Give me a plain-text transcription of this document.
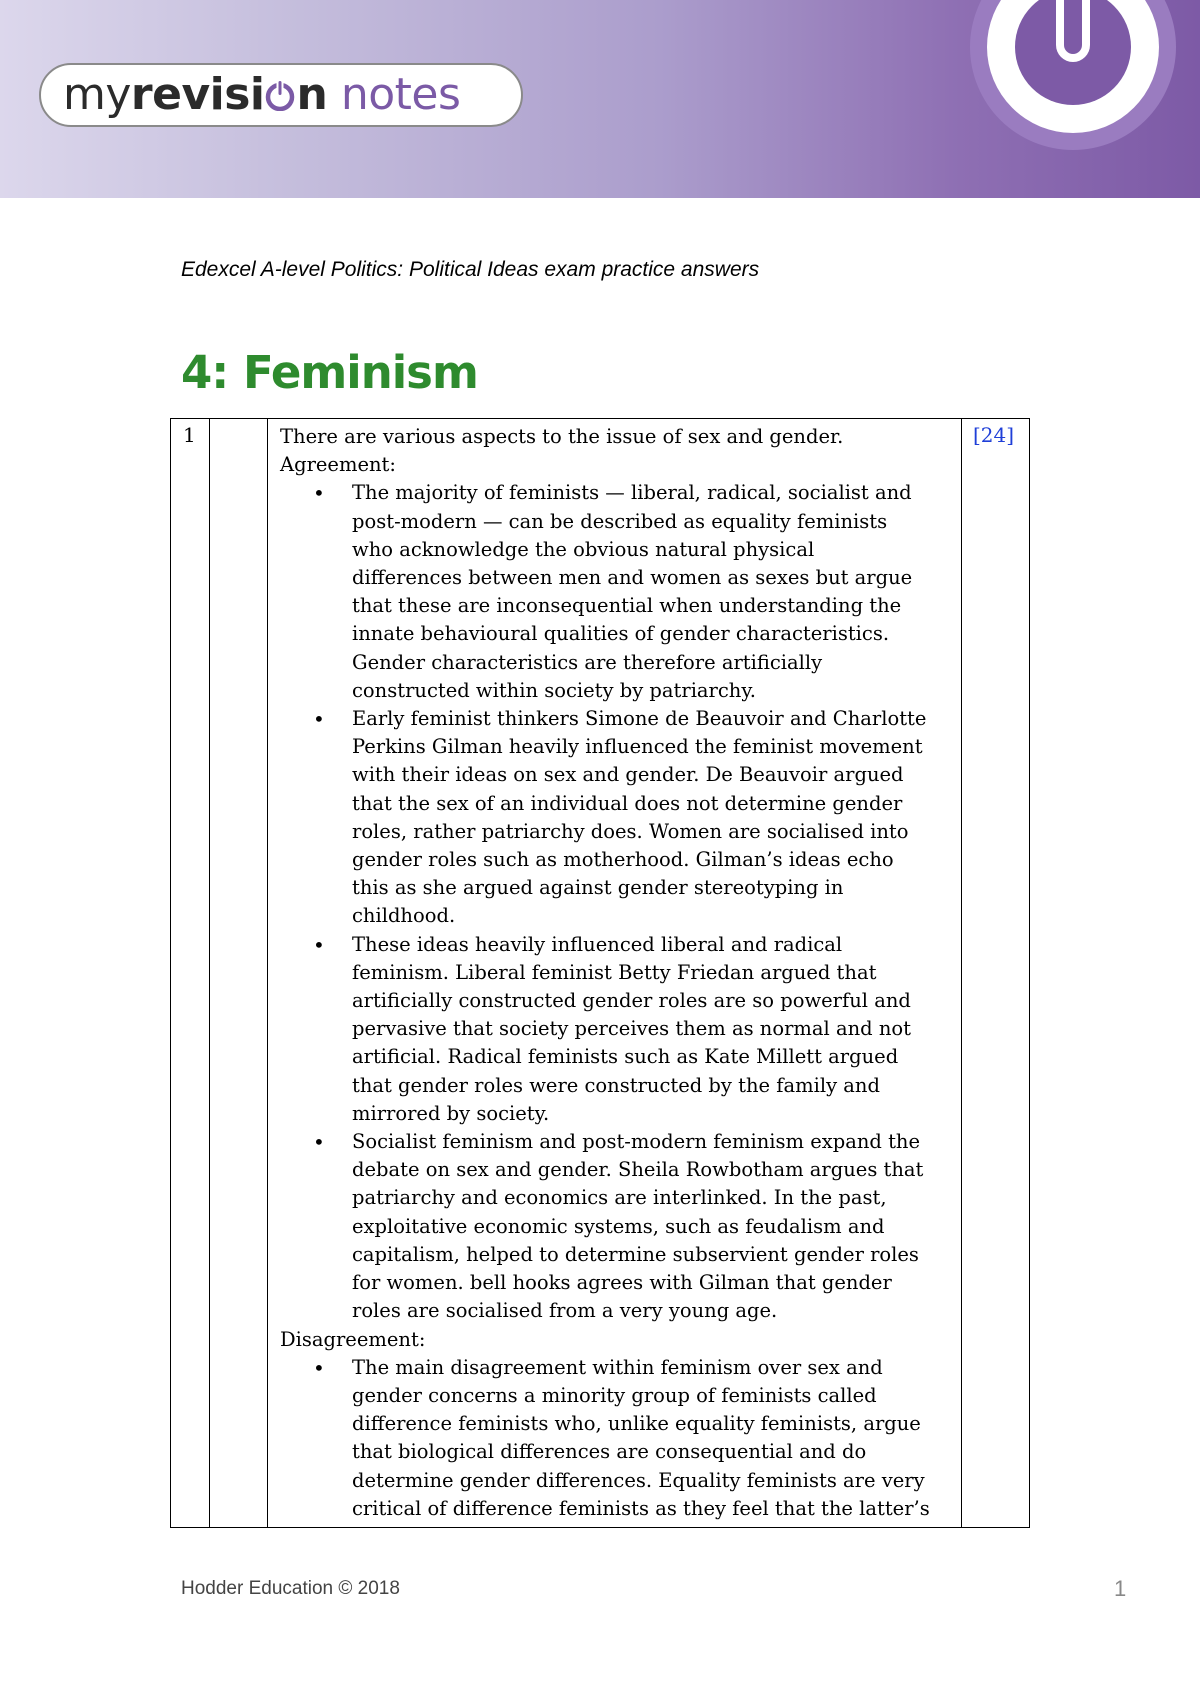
myrevisi n notes
Edexcel A-level Politics: Political Ideas exam practice answers
4: Feminism
1	[24]

There are various aspects to the issue of sex and gender.

Agreement:

• The majority of feminists — liberal, radical, socialist and
post-modern — can be described as equality feminists
who acknowledge the obvious natural physical
differences between men and women as sexes but argue
that these are inconsequential when understanding the
innate behavioural qualities of gender characteristics.
Gender characteristics are therefore artificially
constructed within society by patriarchy.
• Early feminist thinkers Simone de Beauvoir and Charlotte
Perkins Gilman heavily influenced the feminist movement
with their ideas on sex and gender. De Beauvoir argued
that the sex of an individual does not determine gender
roles, rather patriarchy does. Women are socialised into
gender roles such as motherhood. Gilman’s ideas echo
this as she argued against gender stereotyping in
childhood.
• These ideas heavily influenced liberal and radical
feminism. Liberal feminist Betty Friedan argued that
artificially constructed gender roles are so powerful and
pervasive that society perceives them as normal and not
artificial. Radical feminists such as Kate Millett argued
that gender roles were constructed by the family and
mirrored by society.
• Socialist feminism and post-modern feminism expand the
debate on sex and gender. Sheila Rowbotham argues that
patriarchy and economics are interlinked. In the past,
exploitative economic systems, such as feudalism and
capitalism, helped to determine subservient gender roles
for women. bell hooks agrees with Gilman that gender
roles are socialised from a very young age.

Disagreement:

• The main disagreement within feminism over sex and
gender concerns a minority group of feminists called
difference feminists who, unlike equality feminists, argue
that biological differences are consequential and do
determine gender differences. Equality feminists are very
critical of difference feminists as they feel that the latter’s
Hodder Education © 2018	1
